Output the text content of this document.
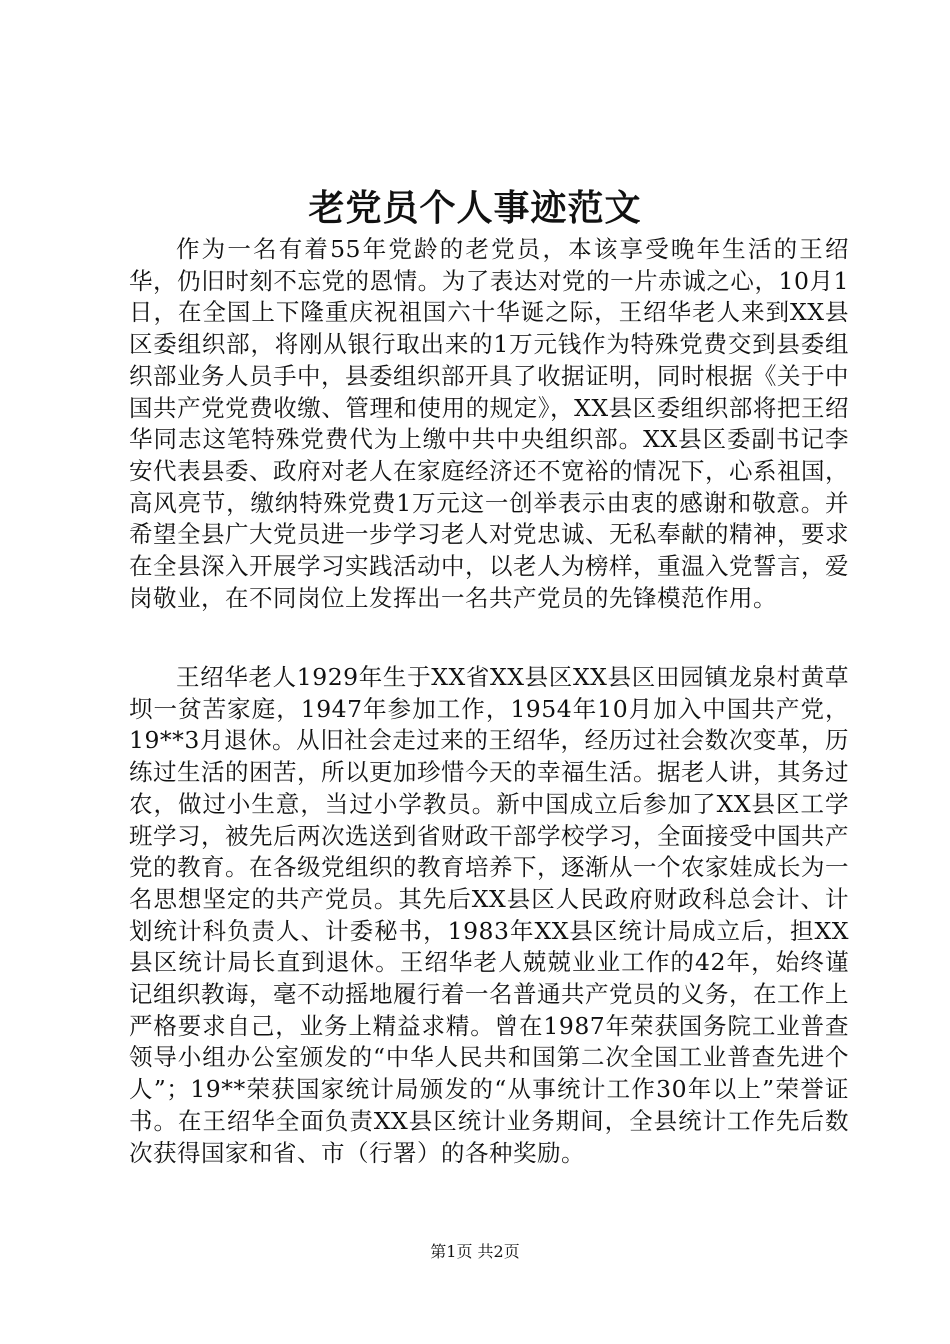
老党员个人事迹范文

作为一名有着55年党龄的老党员，本该享受晚年生活的王绍华，仍旧时刻不忘党的恩情。为了表达对党的一片赤诚之心，10月1日，在全国上下隆重庆祝祖国六十华诞之际，王绍华老人来到XX县区委组织部，将刚从银行取出来的1万元钱作为特殊党费交到县委组织部业务人员手中，县委组织部开具了收据证明，同时根据《关于中国共产党党费收缴、管理和使用的规定》，XX县区委组织部将把王绍华同志这笔特殊党费代为上缴中共中央组织部。XX县区委副书记李安代表县委、政府对老人在家庭经济还不宽裕的情况下，心系祖国，高风亮节，缴纳特殊党费1万元这一创举表示由衷的感谢和敬意。并希望全县广大党员进一步学习老人对党忠诚、无私奉献的精神，要求在全县深入开展学习实践活动中，以老人为榜样，重温入党誓言，爱岗敬业，在不同岗位上发挥出一名共产党员的先锋模范作用。

王绍华老人1929年生于XX省XX县区XX县区田园镇龙泉村黄草坝一贫苦家庭，1947年参加工作，1954年10月加入中国共产党，19**3月退休。从旧社会走过来的王绍华，经历过社会数次变革，历练过生活的困苦，所以更加珍惜今天的幸福生活。据老人讲，其务过农，做过小生意，当过小学教员。新中国成立后参加了XX县区工学班学习，被先后两次选送到省财政干部学校学习，全面接受中国共产党的教育。在各级党组织的教育培养下，逐渐从一个农家娃成长为一名思想坚定的共产党员。其先后XX县区人民政府财政科总会计、计划统计科负责人、计委秘书，1983年XX县区统计局成立后，担XX县区统计局长直到退休。王绍华老人兢兢业业工作的42年，始终谨记组织教诲，毫不动摇地履行着一名普通共产党员的义务，在工作上严格要求自己，业务上精益求精。曾在1987年荣获国务院工业普查领导小组办公室颁发的“中华人民共和国第二次全国工业普查先进个人”；19**荣获国家统计局颁发的“从事统计工作30年以上”荣誉证书。在王绍华全面负责XX县区统计业务期间，全县统计工作先后数次获得国家和省、市（行署）的各种奖励。

第1页 共2页
